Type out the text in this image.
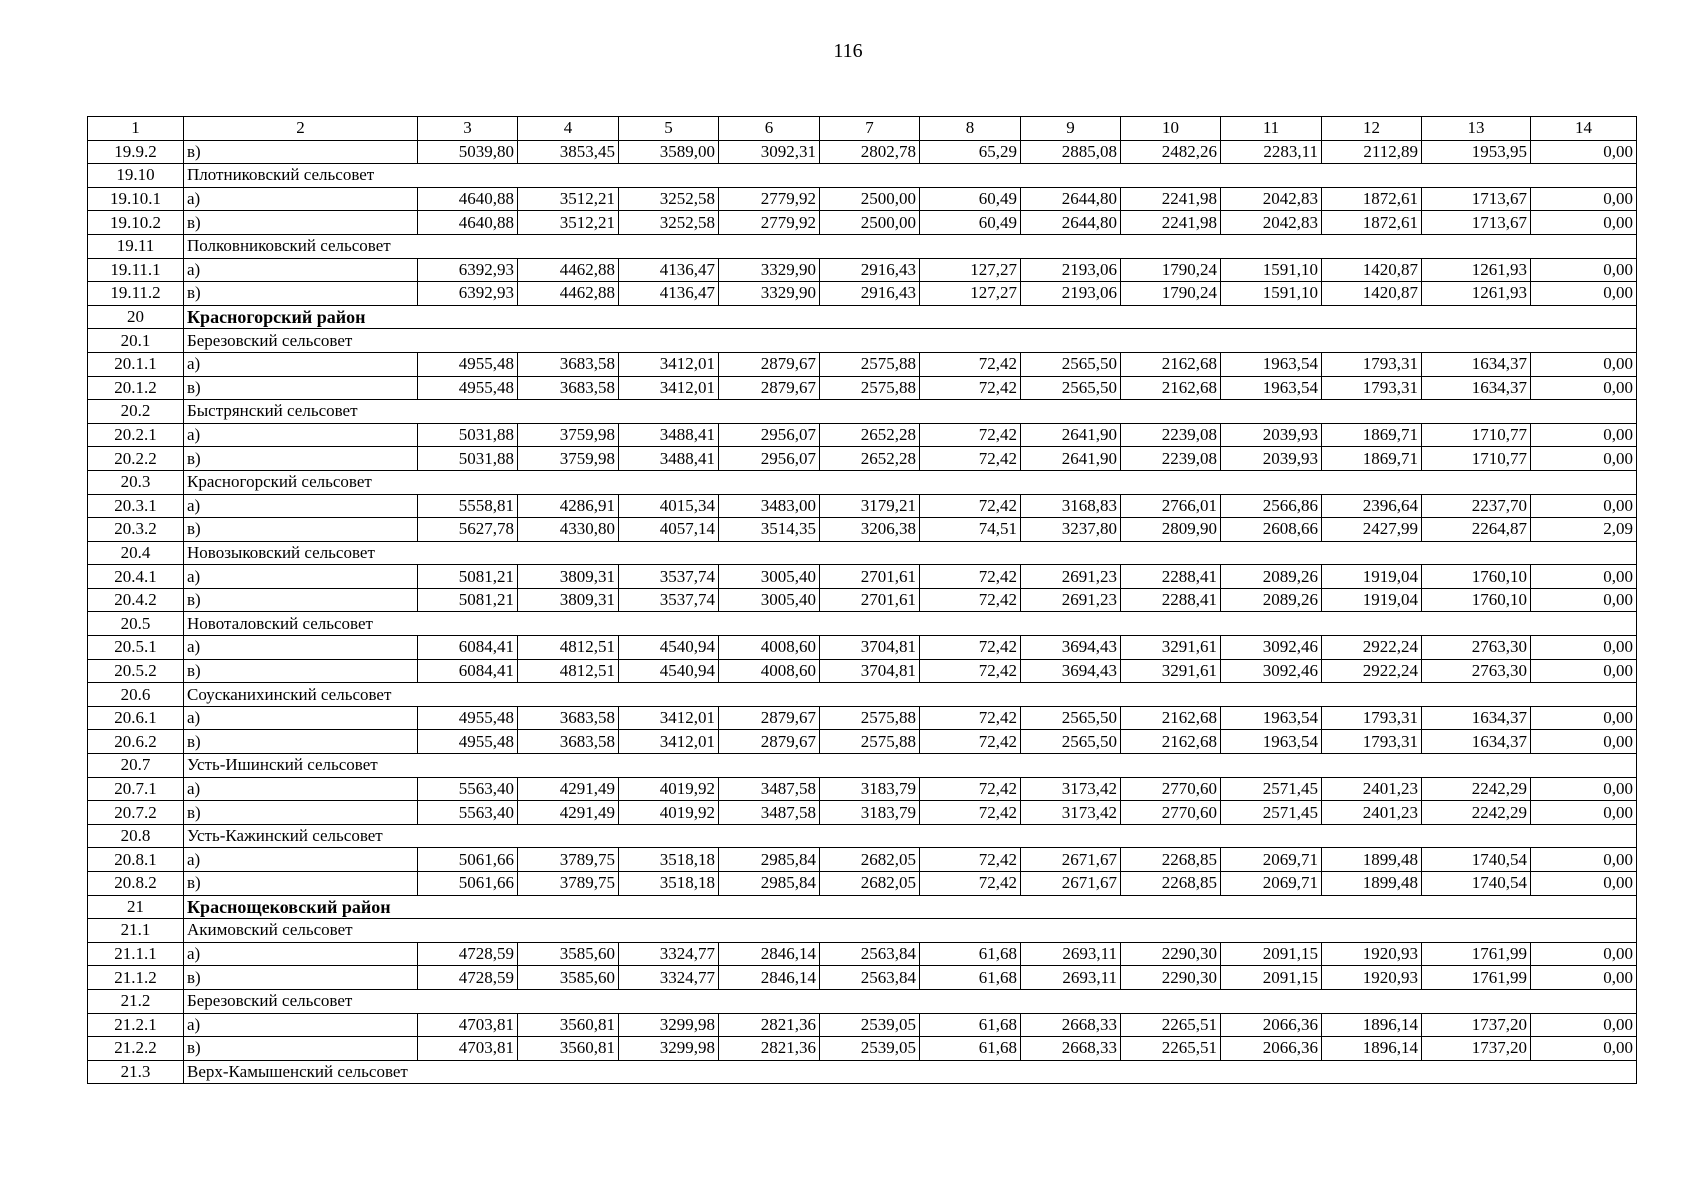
116
1	2	3	4	5	6	7	8	9	10	11	12	13	14
19.9.2	в)	5039,80	3853,45	3589,00	3092,31	2802,78	65,29	2885,08	2482,26	2283,11	2112,89	1953,95	0,00
19.10	Плотниковский сельсовет												
19.10.1	а)	4640,88	3512,21	3252,58	2779,92	2500,00	60,49	2644,80	2241,98	2042,83	1872,61	1713,67	0,00
19.10.2	в)	4640,88	3512,21	3252,58	2779,92	2500,00	60,49	2644,80	2241,98	2042,83	1872,61	1713,67	0,00
19.11	Полковниковский сельсовет												
19.11.1	а)	6392,93	4462,88	4136,47	3329,90	2916,43	127,27	2193,06	1790,24	1591,10	1420,87	1261,93	0,00
19.11.2	в)	6392,93	4462,88	4136,47	3329,90	2916,43	127,27	2193,06	1790,24	1591,10	1420,87	1261,93	0,00
20	Красногорский район												
20.1	Березовский сельсовет												
20.1.1	а)	4955,48	3683,58	3412,01	2879,67	2575,88	72,42	2565,50	2162,68	1963,54	1793,31	1634,37	0,00
20.1.2	в)	4955,48	3683,58	3412,01	2879,67	2575,88	72,42	2565,50	2162,68	1963,54	1793,31	1634,37	0,00
20.2	Быстрянский сельсовет												
20.2.1	а)	5031,88	3759,98	3488,41	2956,07	2652,28	72,42	2641,90	2239,08	2039,93	1869,71	1710,77	0,00
20.2.2	в)	5031,88	3759,98	3488,41	2956,07	2652,28	72,42	2641,90	2239,08	2039,93	1869,71	1710,77	0,00
20.3	Красногорский сельсовет												
20.3.1	а)	5558,81	4286,91	4015,34	3483,00	3179,21	72,42	3168,83	2766,01	2566,86	2396,64	2237,70	0,00
20.3.2	в)	5627,78	4330,80	4057,14	3514,35	3206,38	74,51	3237,80	2809,90	2608,66	2427,99	2264,87	2,09
20.4	Новозыковский сельсовет												
20.4.1	а)	5081,21	3809,31	3537,74	3005,40	2701,61	72,42	2691,23	2288,41	2089,26	1919,04	1760,10	0,00
20.4.2	в)	5081,21	3809,31	3537,74	3005,40	2701,61	72,42	2691,23	2288,41	2089,26	1919,04	1760,10	0,00
20.5	Новоталовский сельсовет												
20.5.1	а)	6084,41	4812,51	4540,94	4008,60	3704,81	72,42	3694,43	3291,61	3092,46	2922,24	2763,30	0,00
20.5.2	в)	6084,41	4812,51	4540,94	4008,60	3704,81	72,42	3694,43	3291,61	3092,46	2922,24	2763,30	0,00
20.6	Соусканихинский сельсовет												
20.6.1	а)	4955,48	3683,58	3412,01	2879,67	2575,88	72,42	2565,50	2162,68	1963,54	1793,31	1634,37	0,00
20.6.2	в)	4955,48	3683,58	3412,01	2879,67	2575,88	72,42	2565,50	2162,68	1963,54	1793,31	1634,37	0,00
20.7	Усть-Ишинский сельсовет												
20.7.1	а)	5563,40	4291,49	4019,92	3487,58	3183,79	72,42	3173,42	2770,60	2571,45	2401,23	2242,29	0,00
20.7.2	в)	5563,40	4291,49	4019,92	3487,58	3183,79	72,42	3173,42	2770,60	2571,45	2401,23	2242,29	0,00
20.8	Усть-Кажинский сельсовет												
20.8.1	а)	5061,66	3789,75	3518,18	2985,84	2682,05	72,42	2671,67	2268,85	2069,71	1899,48	1740,54	0,00
20.8.2	в)	5061,66	3789,75	3518,18	2985,84	2682,05	72,42	2671,67	2268,85	2069,71	1899,48	1740,54	0,00
21	Краснощековский район												
21.1	Акимовский сельсовет												
21.1.1	а)	4728,59	3585,60	3324,77	2846,14	2563,84	61,68	2693,11	2290,30	2091,15	1920,93	1761,99	0,00
21.1.2	в)	4728,59	3585,60	3324,77	2846,14	2563,84	61,68	2693,11	2290,30	2091,15	1920,93	1761,99	0,00
21.2	Березовский сельсовет												
21.2.1	а)	4703,81	3560,81	3299,98	2821,36	2539,05	61,68	2668,33	2265,51	2066,36	1896,14	1737,20	0,00
21.2.2	в)	4703,81	3560,81	3299,98	2821,36	2539,05	61,68	2668,33	2265,51	2066,36	1896,14	1737,20	0,00
21.3	Верх-Камышенский сельсовет												
